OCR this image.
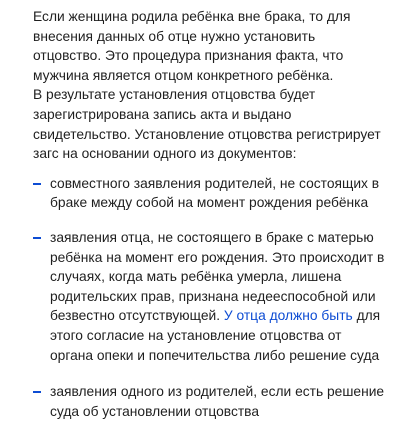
Если женщина родила ребёнка вне брака, то для внесения данных об отце нужно установить отцовство. Это процедура признания факта, что мужчина является отцом конкретного ребёнка.

В результате установления отцовства будет зарегистрирована запись акта и выдано свидетельство. Установление отцовства регистрирует загс на основании одного из документов:

совместного заявления родителей, не состоящих в браке между собой на момент рождения ребёнка
заявления отца, не состоящего в браке с матерью ребёнка на момент его рождения. Это происходит в случаях, когда мать ребёнка умерла, лишена родительских прав, признана недееспособной или безвестно отсутствующей. У отца должно быть для этого согласие на установление отцовства от органа опеки и попечительства либо решение суда
заявления одного из родителей, если есть решение суда об установлении отцовства
